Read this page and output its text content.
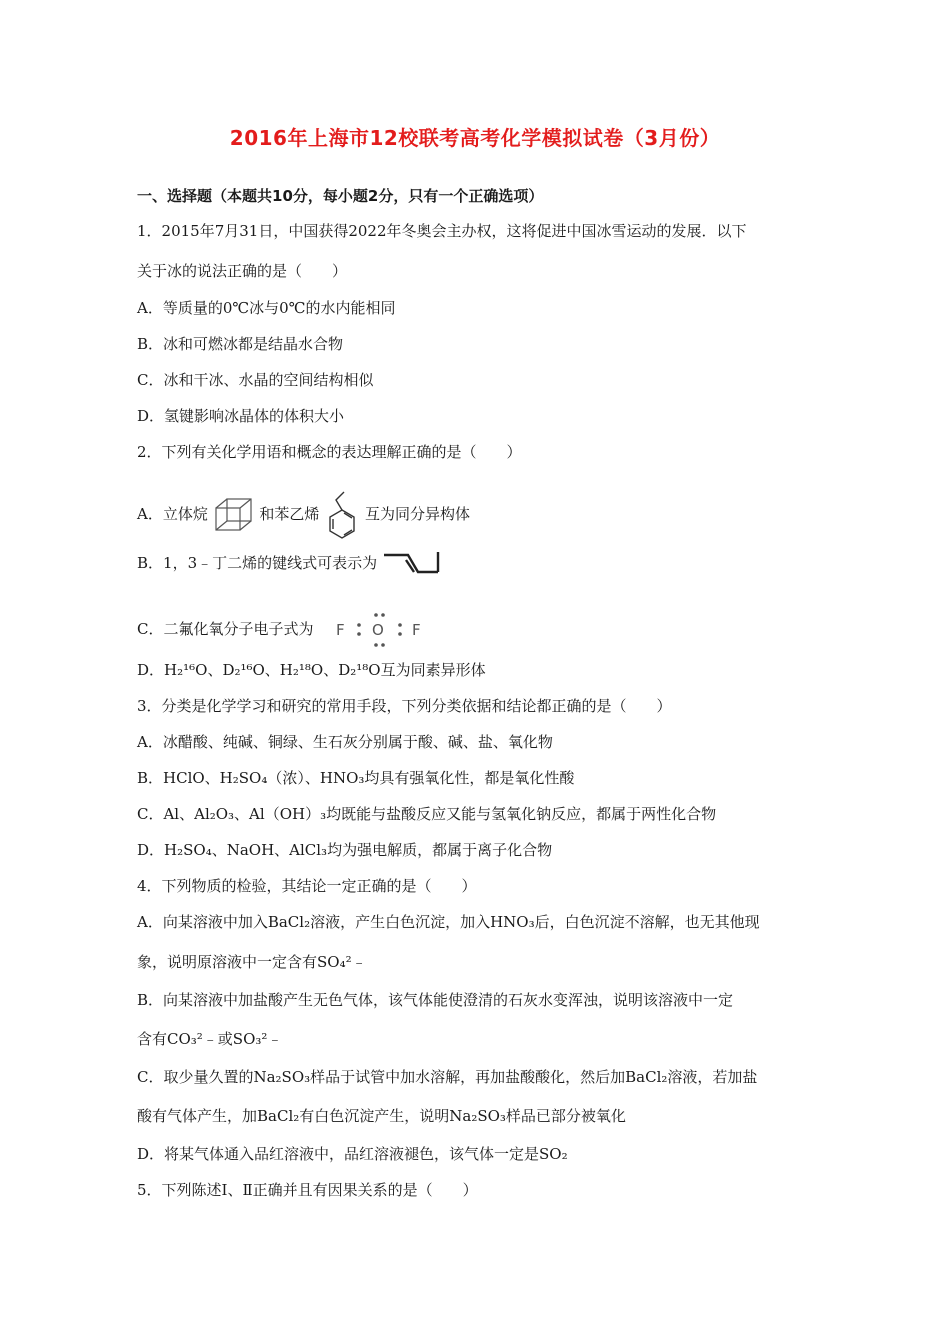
2016年上海市12校联考高考化学模拟试卷（3月份）
一、选择题（本题共10分，每小题2分，只有一个正确选项）
1．2015年7月31日，中国获得2022年冬奥会主办权，这将促进中国冰雪运动的发展．以下
关于冰的说法正确的是（　　）
A．等质量的0℃冰与0℃的水内能相同
B．冰和可燃冰都是结晶水合物
C．冰和干冰、水晶的空间结构相似
D．氢键影响冰晶体的体积大小
2．下列有关化学用语和概念的表达理解正确的是（　　）
A．立体烷	和苯乙烯	互为同分异构体
B．1，3﹣丁二烯的键线式可表示为
C．二氟化氧分子电子式为 F O F
D．H₂¹⁶O、D₂¹⁶O、H₂¹⁸O、D₂¹⁸O互为同素异形体
3．分类是化学学习和研究的常用手段，下列分类依据和结论都正确的是（　　）
A．冰醋酸、纯碱、铜绿、生石灰分别属于酸、碱、盐、氧化物
B．HClO、H₂SO₄（浓）、HNO₃均具有强氧化性，都是氧化性酸
C．Al、Al₂O₃、Al（OH）₃均既能与盐酸反应又能与氢氧化钠反应，都属于两性化合物
D．H₂SO₄、NaOH、AlCl₃均为强电解质，都属于离子化合物
4．下列物质的检验，其结论一定正确的是（　　）
A．向某溶液中加入BaCl₂溶液，产生白色沉淀，加入HNO₃后，白色沉淀不溶解，也无其他现
象，说明原溶液中一定含有SO₄²﹣
B．向某溶液中加盐酸产生无色气体，该气体能使澄清的石灰水变浑浊，说明该溶液中一定
含有CO₃²﹣或SO₃²﹣
C．取少量久置的Na₂SO₃样品于试管中加水溶解，再加盐酸酸化，然后加BaCl₂溶液，若加盐
酸有气体产生，加BaCl₂有白色沉淀产生，说明Na₂SO₃样品已部分被氧化
D．将某气体通入品红溶液中，品红溶液褪色，该气体一定是SO₂
5．下列陈述Ⅰ、Ⅱ正确并且有因果关系的是（　　）
